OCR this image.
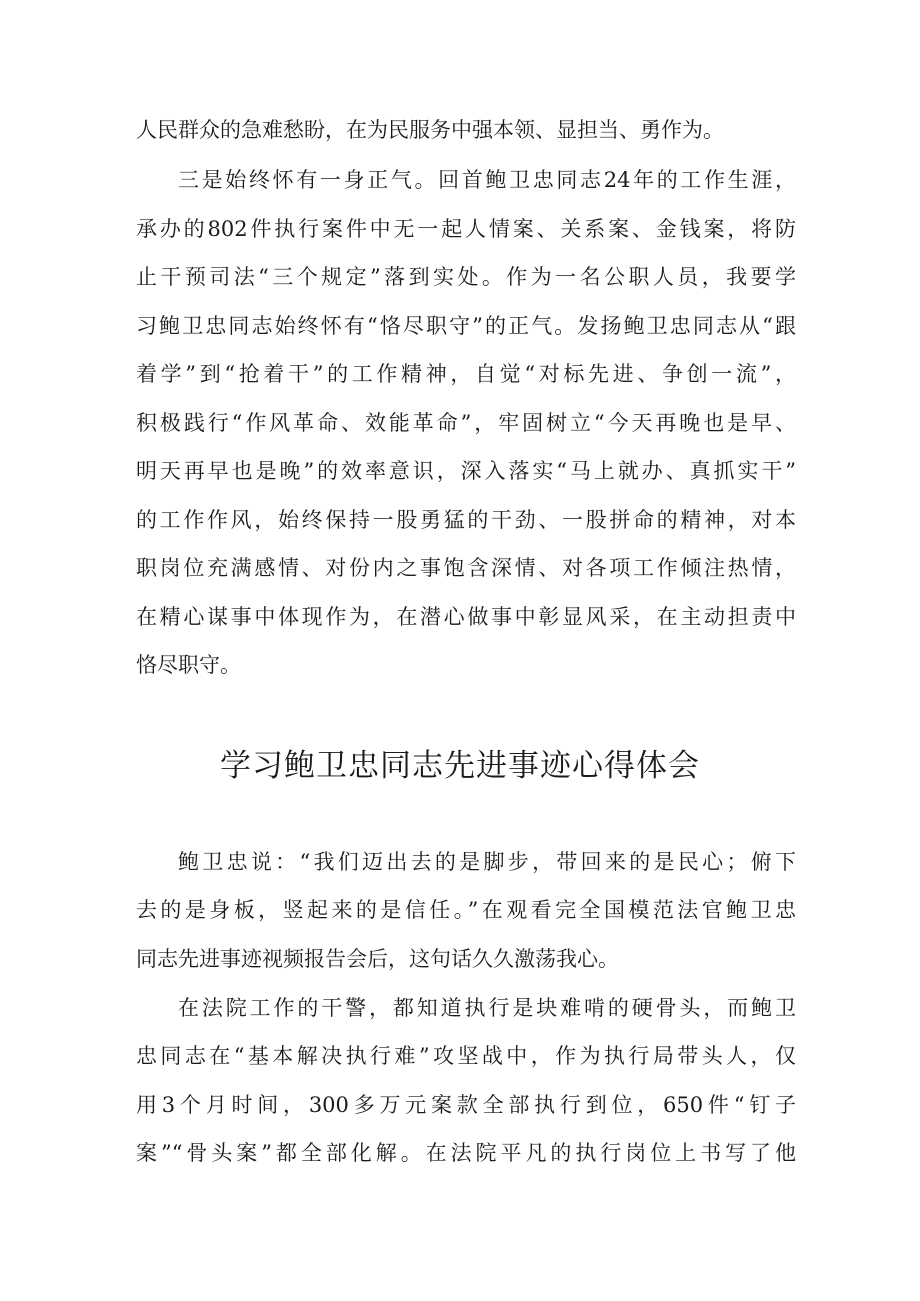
人民群众的急难愁盼，在为民服务中强本领、显担当、勇作为。
三是始终怀有一身正气。回首鲍卫忠同志24年的工作生涯，
承办的802件执行案件中无一起人情案、关系案、金钱案，将防
止干预司法“三个规定”落到实处。作为一名公职人员，我要学
习鲍卫忠同志始终怀有“恪尽职守”的正气。发扬鲍卫忠同志从“跟
着学”到“抢着干”的工作精神，自觉“对标先进、争创一流”，
积极践行“作风革命、效能革命”，牢固树立“今天再晚也是早、
明天再早也是晚”的效率意识，深入落实“马上就办、真抓实干”
的工作作风，始终保持一股勇猛的干劲、一股拼命的精神，对本
职岗位充满感情、对份内之事饱含深情、对各项工作倾注热情，
在精心谋事中体现作为，在潜心做事中彰显风采，在主动担责中
恪尽职守。
学习鲍卫忠同志先进事迹心得体会
鲍卫忠说：“我们迈出去的是脚步，带回来的是民心；俯下
去的是身板，竖起来的是信任。”在观看完全国模范法官鲍卫忠
同志先进事迹视频报告会后，这句话久久激荡我心。
在法院工作的干警，都知道执行是块难啃的硬骨头，而鲍卫
忠同志在“基本解决执行难”攻坚战中，作为执行局带头人，仅
用3个月时间，300多万元案款全部执行到位，650件“钉子
案”“骨头案”都全部化解。在法院平凡的执行岗位上书写了他
